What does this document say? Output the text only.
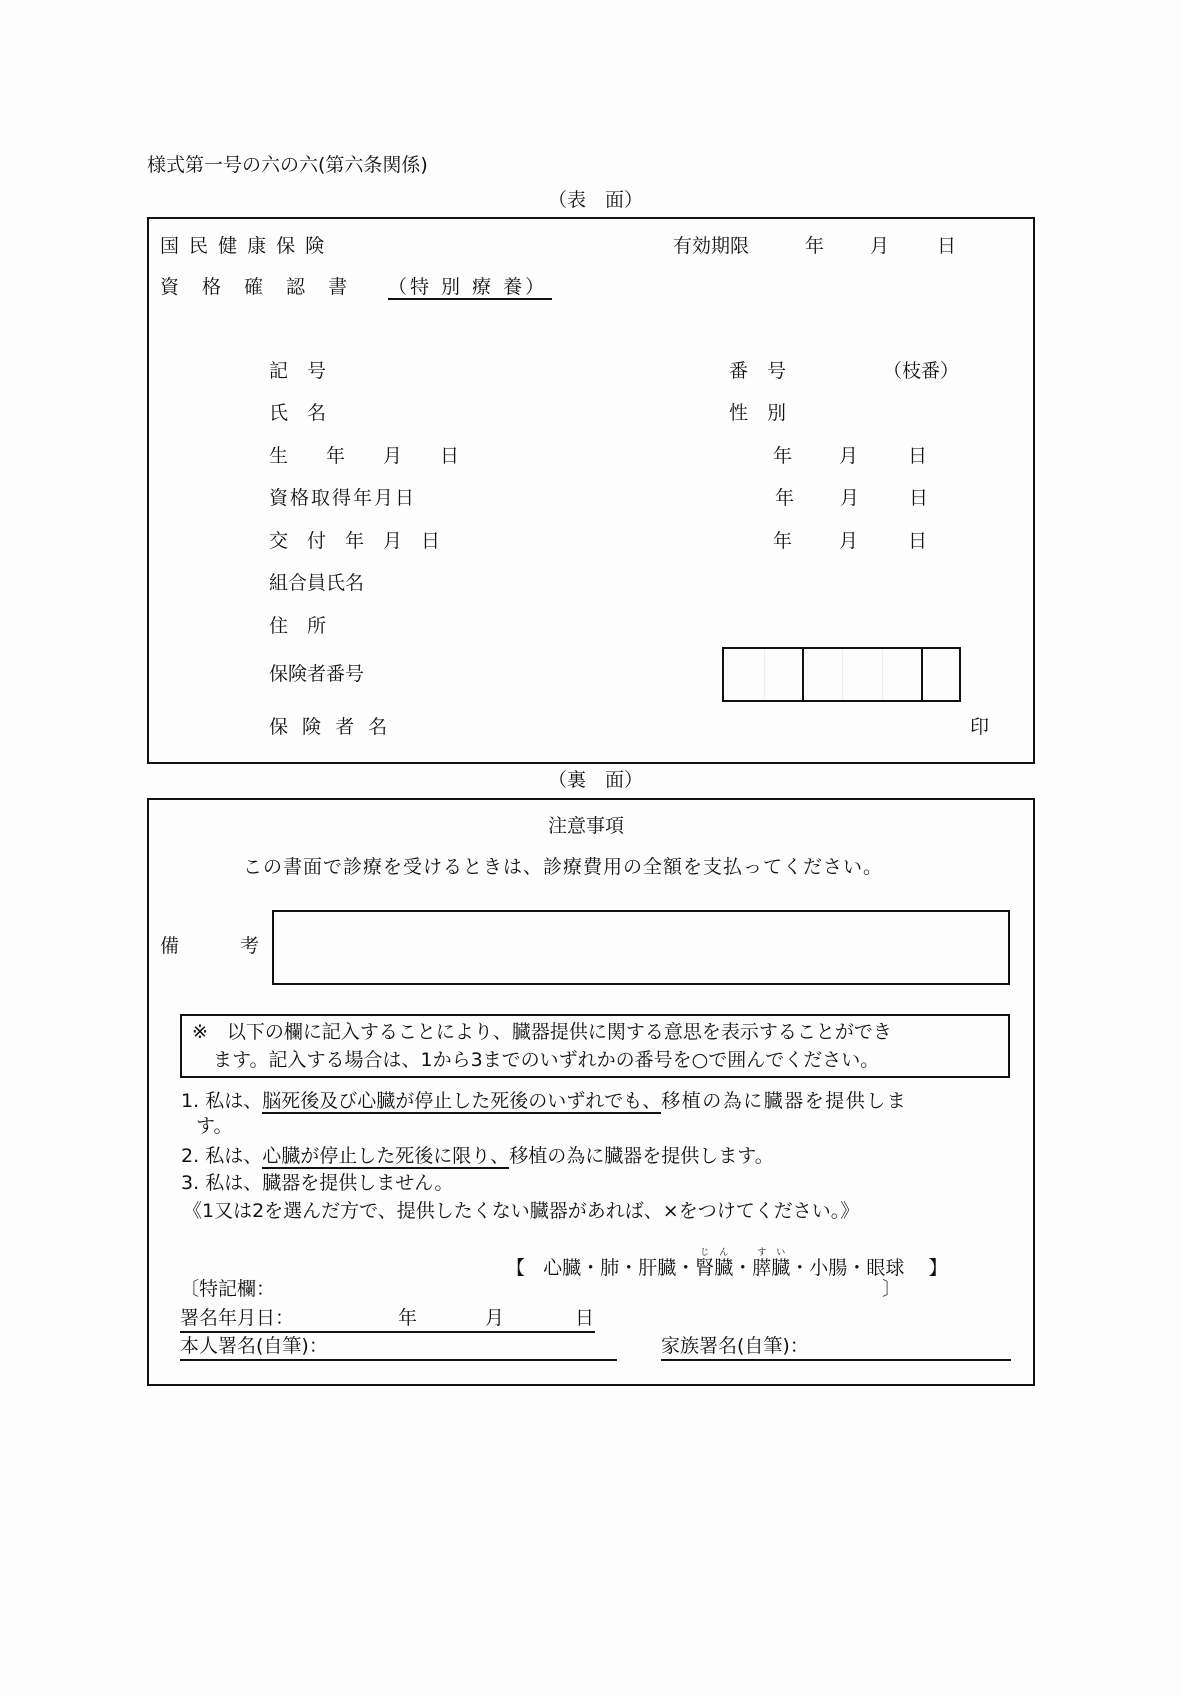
様式第一号の六の六(第六条関係)
（表　面）
国 民 健 康 保 険
資　格　確　認　書 （特 別 療 養）
有効期限	年 月	日
記　号	番　号	（枝番）
氏　名	性　別
生　　年　　月　　日	年 月	日
資格取得年月日	年 月	日
交　付　年　月　日	年 月	日
組合員氏名
住　所
保険者番号
保 険 者 名	印
（裏　面）
注意事項
この書面で診療を受けるときは、診療費用の全額を支払ってください。
備	考
※　以下の欄に記入することにより、臓器提供に関する意思を表示することができ
ます。記入する場合は、1から3までのいずれかの番号を○で囲んでください。
1. 私は、脳死後及び心臓が停止した死後のいずれでも、移植の為に臓器を提供しま
す。
2. 私は、心臓が停止した死後に限り、移植の為に臓器を提供します。
3. 私は、臓器を提供しません。
《1又は2を選んだ方で、提供したくない臓器があれば、×をつけてください。》
【 心臓・肺・肝臓・腎臓じん・膵臓すい・小腸・眼球 】
〔特記欄：	〕
署名年月日：	年	月	日
本人署名(自筆)：	家族署名(自筆)：
